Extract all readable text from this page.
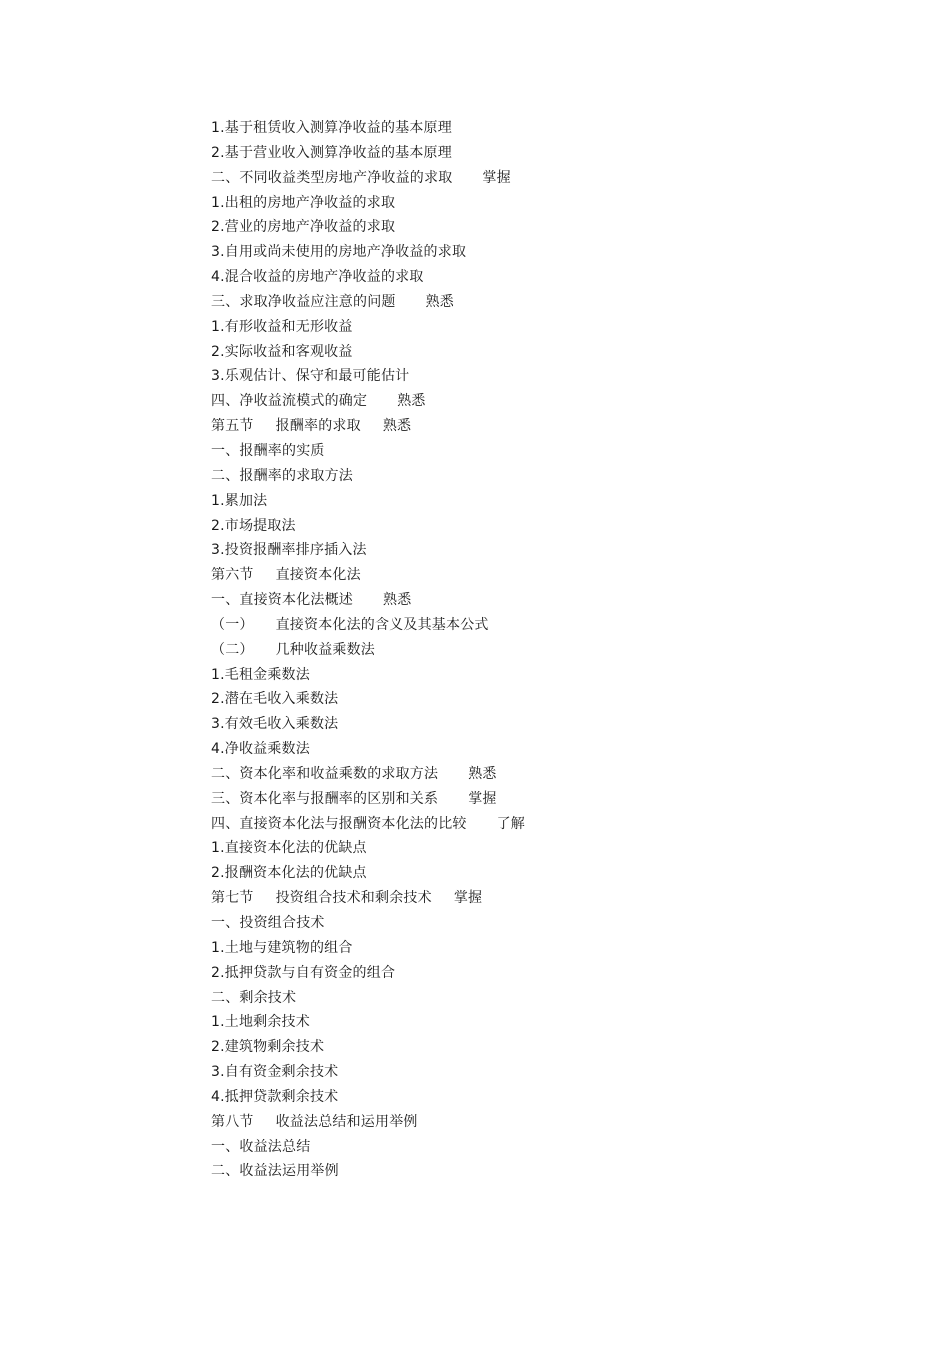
1.基于租赁收入测算净收益的基本原理
2.基于营业收入测算净收益的基本原理
二、不同收益类型房地产净收益的求取 掌握
1.出租的房地产净收益的求取
2.营业的房地产净收益的求取
3.自用或尚未使用的房地产净收益的求取
4.混合收益的房地产净收益的求取
三、求取净收益应注意的问题 熟悉
1.有形收益和无形收益
2.实际收益和客观收益
3.乐观估计、保守和最可能估计
四、净收益流模式的确定 熟悉
第五节 报酬率的求取 熟悉
一、报酬率的实质
二、报酬率的求取方法
1.累加法
2.市场提取法
3.投资报酬率排序插入法
第六节 直接资本化法
一、直接资本化法概述 熟悉
（一） 直接资本化法的含义及其基本公式
（二） 几种收益乘数法
1.毛租金乘数法
2.潜在毛收入乘数法
3.有效毛收入乘数法
4.净收益乘数法
二、资本化率和收益乘数的求取方法 熟悉
三、资本化率与报酬率的区别和关系 掌握
四、直接资本化法与报酬资本化法的比较 了解
1.直接资本化法的优缺点
2.报酬资本化法的优缺点
第七节 投资组合技术和剩余技术 掌握
一、投资组合技术
1.土地与建筑物的组合
2.抵押贷款与自有资金的组合
二、剩余技术
1.土地剩余技术
2.建筑物剩余技术
3.自有资金剩余技术
4.抵押贷款剩余技术
第八节 收益法总结和运用举例
一、收益法总结
二、收益法运用举例
